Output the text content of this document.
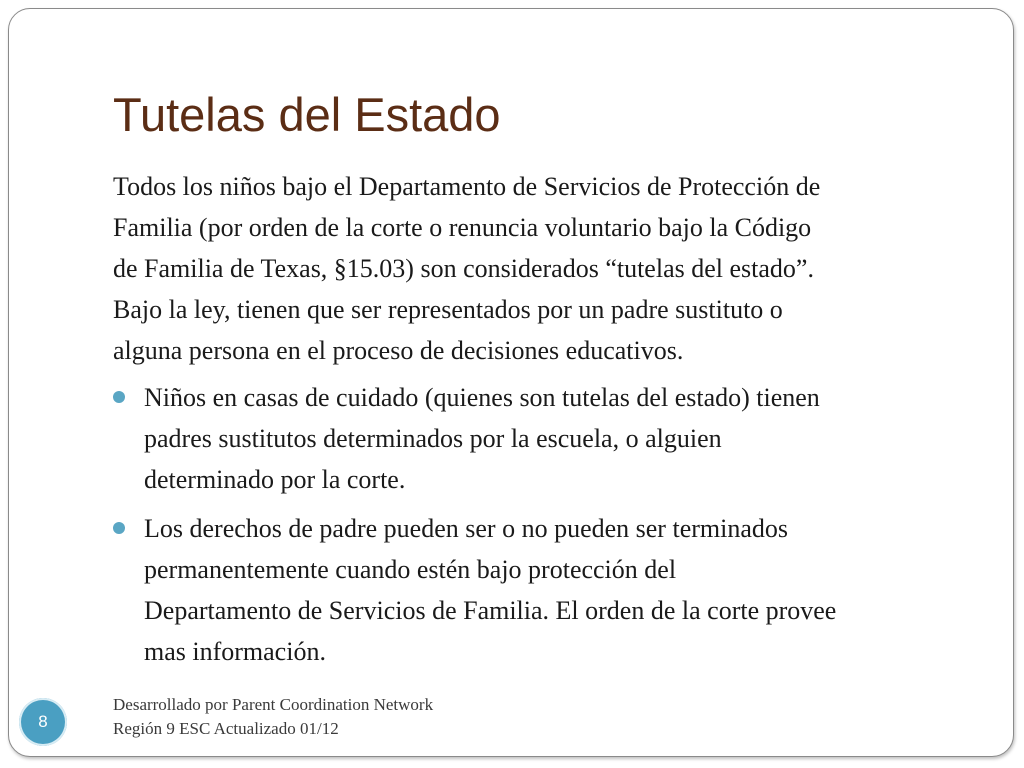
Tutelas del Estado

Todos los niños bajo el Departamento de Servicios de Protección de
Familia (por orden de la corte o renuncia voluntario bajo la Código
de Familia de Texas, §15.03) son considerados “tutelas del estado”.
Bajo la ley, tienen que ser representados por un padre sustituto o
alguna persona en el proceso de decisiones educativos.

Niños en casas de cuidado (quienes son tutelas del estado) tienen
padres sustitutos determinados por la escuela, o alguien
determinado por la corte.
Los derechos de padre pueden ser o no pueden ser terminados
permanentemente cuando estén bajo protección del
Departamento de Servicios de Familia. El orden de la corte provee
mas información.
8
Desarrollado por Parent Coordination Network
Región 9 ESC Actualizado 01/12
